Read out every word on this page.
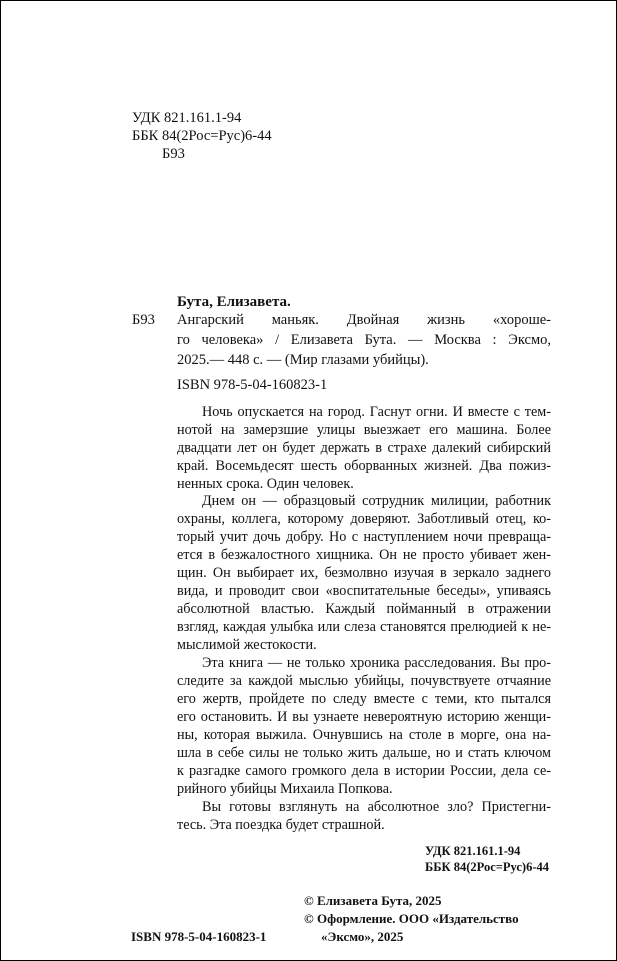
УДК 821.161.1-94
ББК 84(2Рос=Рус)6-44
Б93
Бута, Елизавета.
Б93 Ангарский маньяк. Двойная жизнь «хороше-
го человека» / Елизавета Бута. — Москва : Эксмо,
2025.— 448 с. — (Мир глазами убийцы).
ISBN 978-5-04-160823-1
Ночь опускается на город. Гаснут огни. И вместе с тем-
нотой на замерзшие улицы выезжает его машина. Более
двадцати лет он будет держать в страхе далекий сибирский
край. Восемьдесят шесть оборванных жизней. Два пожиз-
ненных срока. Один человек.
Днем он — образцовый сотрудник милиции, работник
охраны, коллега, которому доверяют. Заботливый отец, ко-
торый учит дочь добру. Но с наступлением ночи превраща-
ется в безжалостного хищника. Он не просто убивает жен-
щин. Он выбирает их, безмолвно изучая в зеркало заднего
вида, и проводит свои «воспитательные беседы», упиваясь
абсолютной властью. Каждый пойманный в отражении
взгляд, каждая улыбка или слеза становятся прелюдией к не-
мыслимой жестокости.
Эта книга — не только хроника расследования. Вы про-
следите за каждой мыслью убийцы, почувствуете отчаяние
его жертв, пройдете по следу вместе с теми, кто пытался
его остановить. И вы узнаете невероятную историю женщи-
ны, которая выжила. Очнувшись на столе в морге, она на-
шла в себе силы не только жить дальше, но и стать ключом
к разгадке самого громкого дела в истории России, дела се-
рийного убийцы Михаила Попкова.
Вы готовы взглянуть на абсолютное зло? Пристегни-
тесь. Эта поездка будет страшной.
УДК 821.161.1-94
ББК 84(2Рос=Рус)6-44
© Елизавета Бута, 2025
© Оформление. ООО «Издательство
«Эксмо», 2025
ISBN 978-5-04-160823-1
